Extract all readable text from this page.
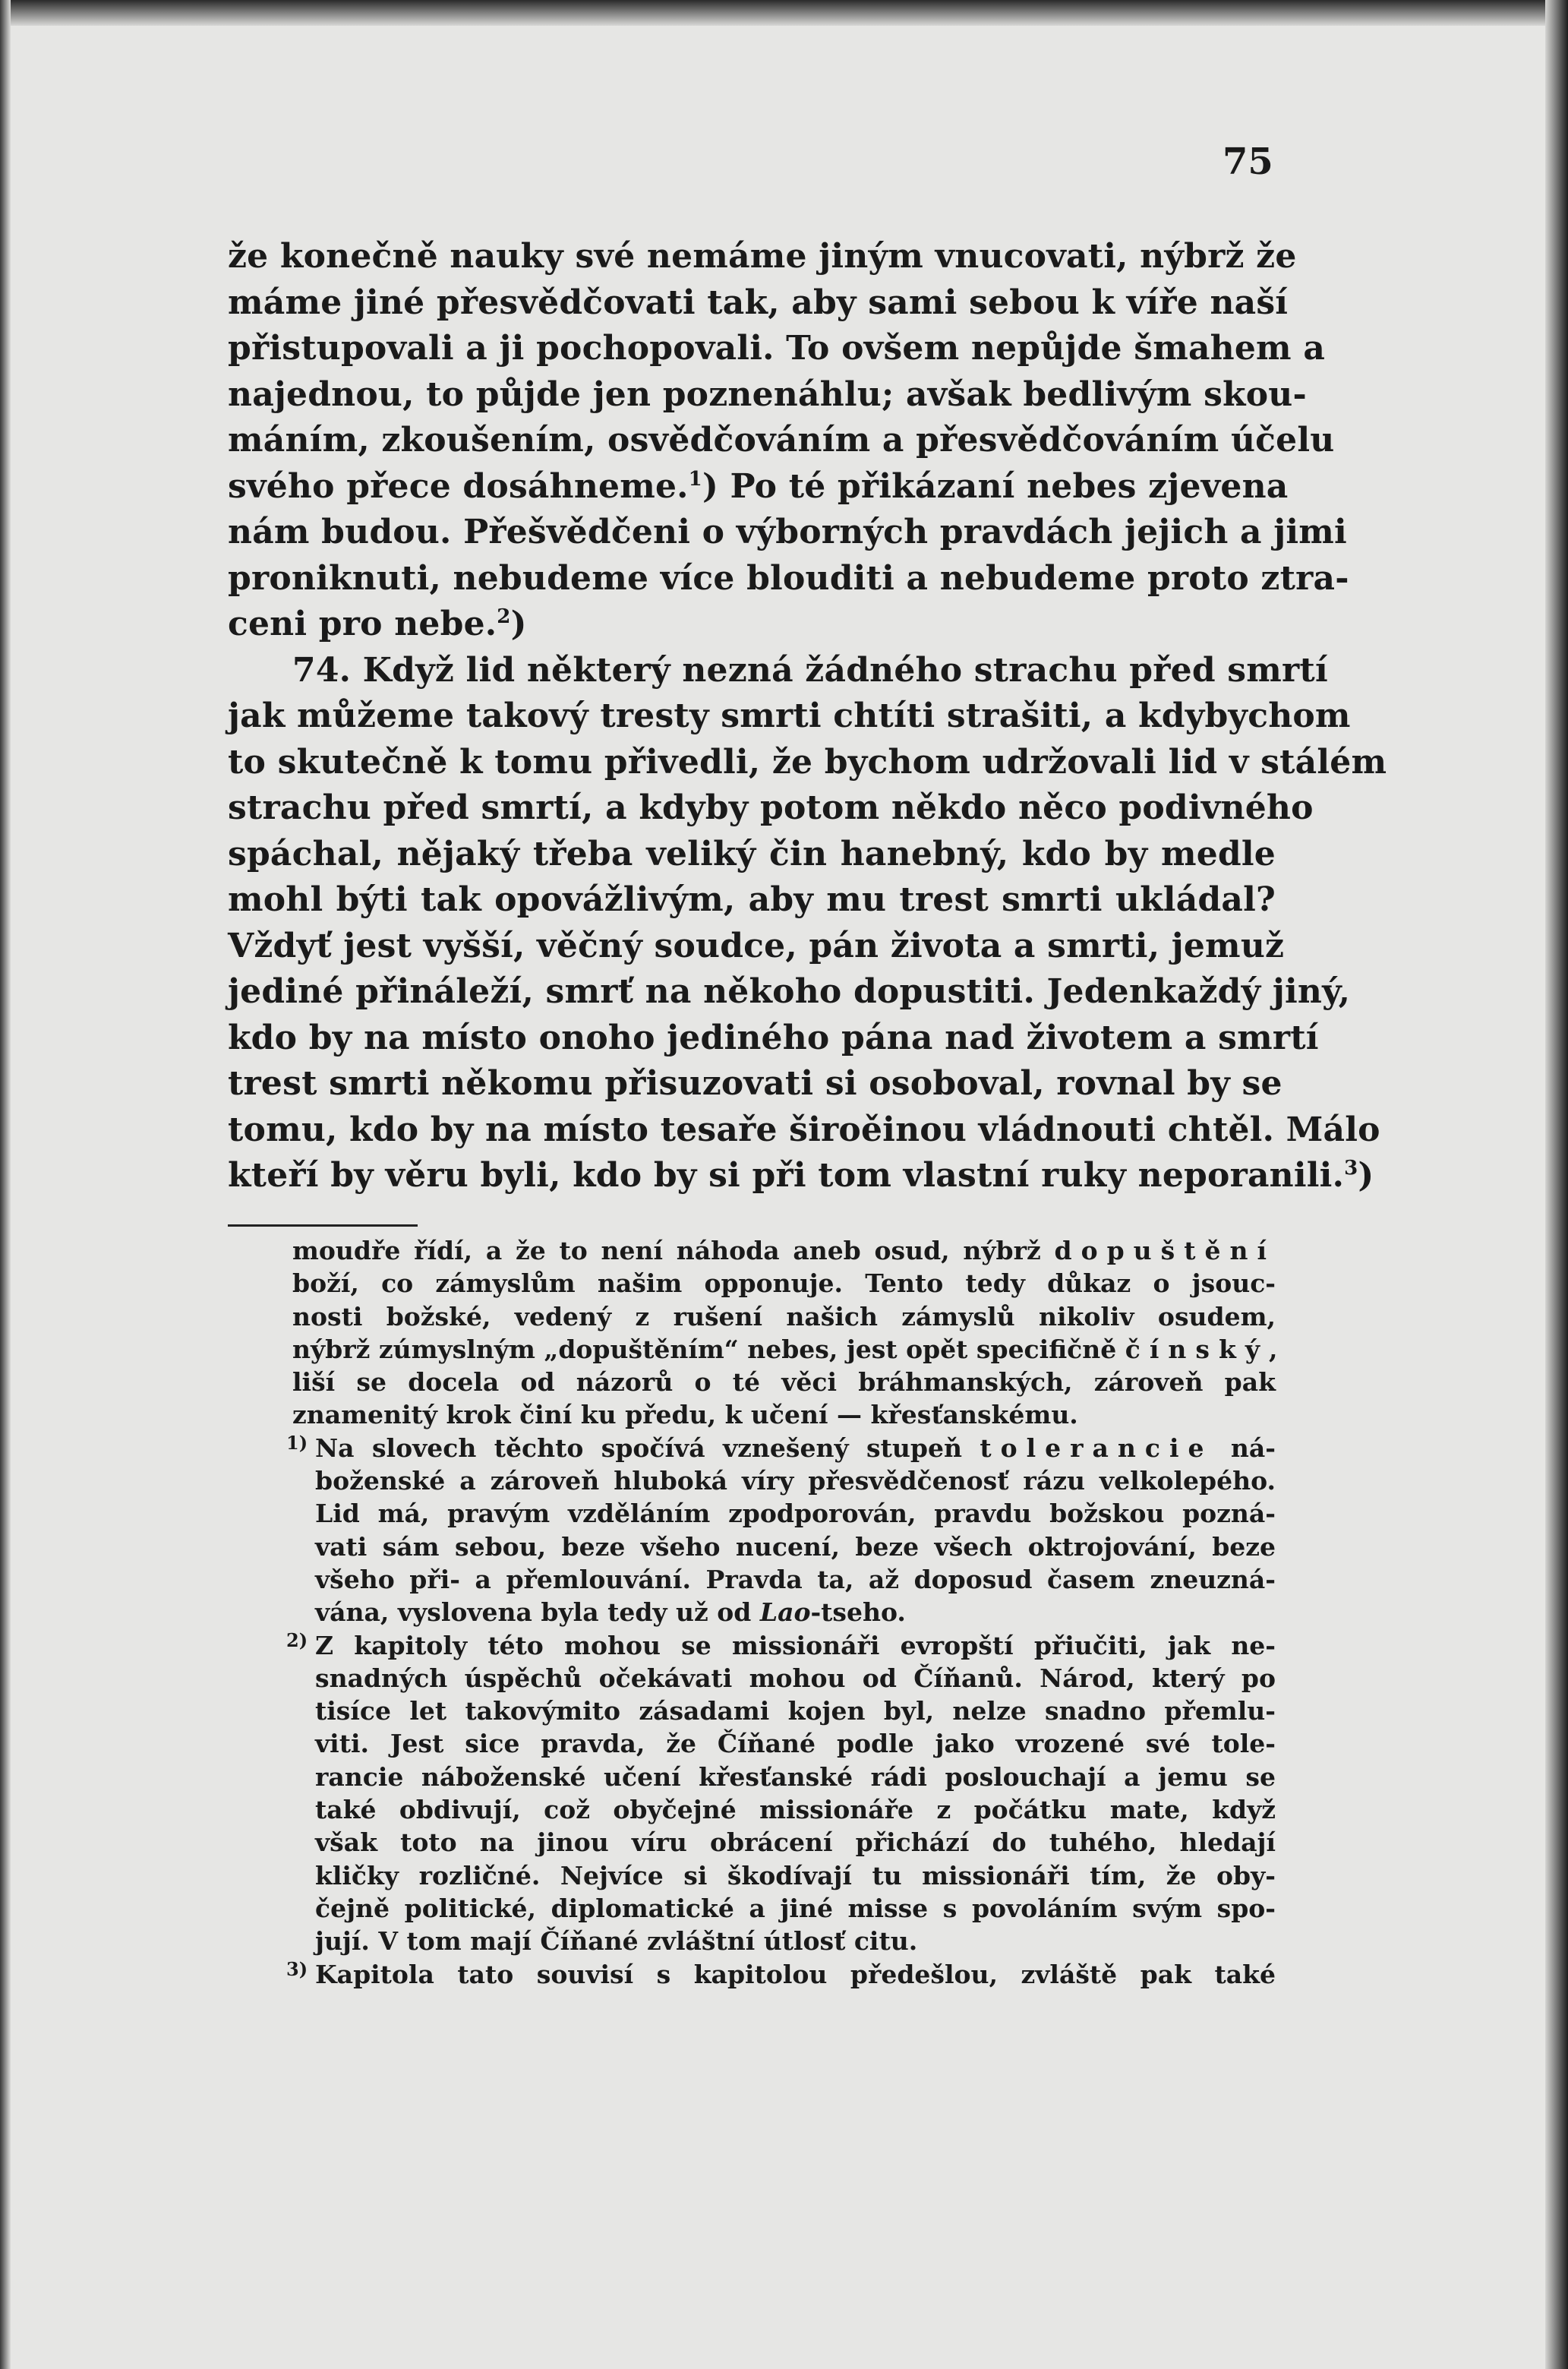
75
že konečně nauky své nemáme jiným vnucovati, nýbrž že
máme jiné přesvědčovati tak, aby sami sebou k víře naší
přistupovali a ji pochopovali. To ovšem nepůjde šmahem a
najednou, to půjde jen poznenáhlu; avšak bedlivým skou-
máním, zkoušením, osvědčováním a přesvědčováním účelu
svého přece dosáhneme.$^1$) Po té přikázaní nebes zjevena
nám budou. Přešvědčeni o výborných pravdách jejich a jimi
proniknuti, nebudeme více blouditi a nebudeme proto ztra-
ceni pro nebe.$^2$)
74. Když lid některý nezná žádného strachu před smrtí
jak můžeme takový tresty smrti chtíti strašiti, a kdybychom
to skutečně k tomu přivedli, že bychom udržovali lid v stálém
strachu před smrtí, a kdyby potom někdo něco podivného
spáchal, nějaký třeba veliký čin hanebný, kdo by medle
mohl býti tak opovážlivým, aby mu trest smrti ukládal?
Vždyť jest vyšší, věčný soudce, pán života a smrti, jemuž
jediné přináleží, smrť na někoho dopustiti. Jedenkaždý jiný,
kdo by na místo onoho jediného pána nad životem a smrtí
trest smrti někomu přisuzovati si osoboval, rovnal by se
tomu, kdo by na místo tesaře široěinou vládnouti chtěl. Málo
kteří by věru byli, kdo by si při tom vlastní ruky neporanili.$^3$)
moudře řídí, a že to není náhoda aneb osud, nýbrž dopuštění
boží, co zámyslům našim opponuje. Tento tedy důkaz o jsouc-
nosti božské, vedený z rušení našich zámyslů nikoliv osudem,
nýbrž zúmyslným „dopuštěním“ nebes, jest opět specifičně čínský,
liší se docela od názorů o té věci bráhmanských, zároveň pak
znamenitý krok činí ku předu, k učení — křesťanskému.
1) Na slovech těchto spočívá vznešený stupeň tolerancie ná-
boženské a zároveň hluboká víry přesvědčenosť rázu velkolepého.
Lid má, pravým vzděláním zpodporován, pravdu božskou pozná-
vati sám sebou, beze všeho nucení, beze všech oktrojování, beze
všeho při- a přemlouvání. Pravda ta, až doposud časem zneuzná-
vána, vyslovena byla tedy už od Lao-tseho.
2) Z kapitoly této mohou se missionáři evropští přiučiti, jak ne-
snadných úspěchů očekávati mohou od Číňanů. Národ, který po
tisíce let takovýmito zásadami kojen byl, nelze snadno přemlu-
viti. Jest sice pravda, že Číňané podle jako vrozené své tole-
rancie náboženské učení křesťanské rádi poslouchají a jemu se
také obdivují, což obyčejné missionáře z počátku mate, když
však toto na jinou víru obrácení přichází do tuhého, hledají
kličky rozličné. Nejvíce si škodívají tu missionáři tím, že oby-
čejně politické, diplomatické a jiné misse s povoláním svým spo-
jují. V tom mají Číňané zvláštní útlosť citu.
3) Kapitola tato souvisí s kapitolou předešlou, zvláště pak také
